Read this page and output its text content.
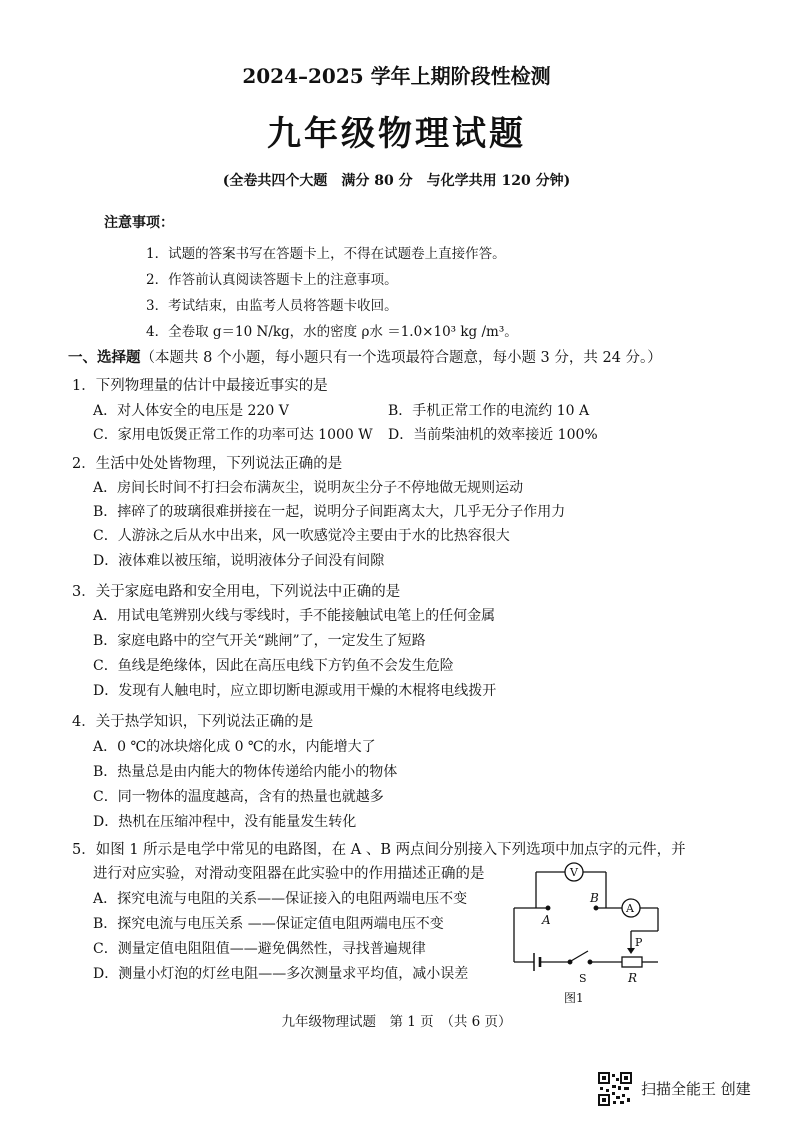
2024–2025 学年上期阶段性检测
九年级物理试题
(全卷共四个大题　满分 80 分　与化学共用 120 分钟)
注意事项：
1．试题的答案书写在答题卡上，不得在试题卷上直接作答。
2．作答前认真阅读答题卡上的注意事项。
3．考试结束，由监考人员将答题卡收回。
4．全卷取 g＝10 N/kg，水的密度 ρ水 ＝1.0×10³ kg /m³。
一、选择题（本题共 8 个小题，每小题只有一个选项最符合题意，每小题 3 分，共 24 分。）
1．下列物理量的估计中最接近事实的是
A．对人体安全的电压是 220 V	B．手机正常工作的电流约 10 A
C．家用电饭煲正常工作的功率可达 1000 W D．当前柴油机的效率接近 100%
2．生活中处处皆物理，下列说法正确的是
A．房间长时间不打扫会布满灰尘，说明灰尘分子不停地做无规则运动
B．摔碎了的玻璃很难拼接在一起，说明分子间距离太大，几乎无分子作用力
C．人游泳之后从水中出来，风一吹感觉冷主要由于水的比热容很大
D．液体难以被压缩，说明液体分子间没有间隙
3．关于家庭电路和安全用电，下列说法中正确的是
A．用试电笔辨别火线与零线时，手不能接触试电笔上的任何金属
B．家庭电路中的空气开关“跳闸”了，一定发生了短路
C．鱼线是绝缘体，因此在高压电线下方钓鱼不会发生危险
D．发现有人触电时，应立即切断电源或用干燥的木棍将电线拨开
4．关于热学知识，下列说法正确的是
A．0 ℃的冰块熔化成 0 ℃的水，内能增大了
B．热量总是由内能大的物体传递给内能小的物体
C．同一物体的温度越高，含有的热量也就越多
D．热机在压缩冲程中，没有能量发生转化
5．如图 1 所示是电学中常见的电路图，在 A 、B 两点间分别接入下列选项中加点字的元件，并
进行对应实验，对滑动变阻器在此实验中的作用描述正确的是
A．探究电流与电阻的关系——保证接入的电阻两端电压不变
B．探究电流与电压关系 ——保证定值电阻两端电压不变
C．测量定值电阻阻值——避免偶然性，寻找普遍规律
D．测量小灯泡的灯丝电阻——多次测量求平均值，减小误差
V
A
A
B
P
R
S
图1
九年级物理试题　第 1 页　（共 6 页）
扫描全能王 创建
